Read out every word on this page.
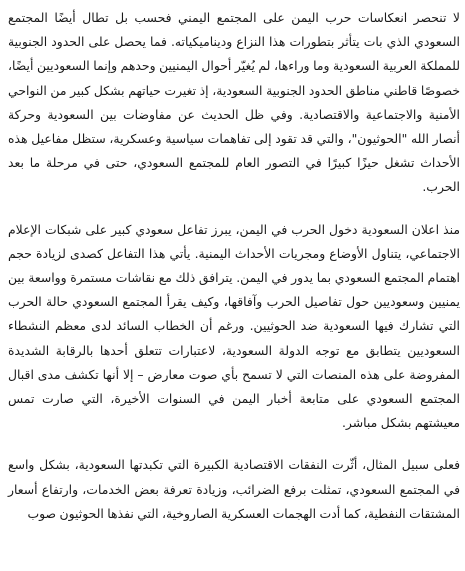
لا تنحصر انعكاسات حرب اليمن على المجتمع اليمني فحسب بل تطال أيضًا المجتمع السعودي الذي بات يتأثر بتطورات هذا النزاع وديناميكياته. فما يحصل على الحدود الجنوبية للمملكة العربية السعودية وما وراءها، لم يُغيّر أحوال اليمنيين وحدهم وإنما السعوديين أيضًا، خصوصًا قاطني مناطق الحدود الجنوبية السعودية، إذ تغيرت حياتهم بشكل كبير من النواحي الأمنية والاجتماعية والاقتصادية. وفي ظل الحديث عن مفاوضات بين السعودية وحركة أنصار الله "الحوثيون"، والتي قد تقود إلى تفاهمات سياسية وعسكرية، ستظل مفاعيل هذه الأحداث تشغل حيزًا كبيرًا في التصور العام للمجتمع السعودي، حتى في مرحلة ما بعد الحرب.

منذ اعلان السعودية دخول الحرب في اليمن، يبرز تفاعل سعودي كبير على شبكات الإعلام الاجتماعي، يتناول الأوضاع ومجريات الأحداث اليمنية. يأتي هذا التفاعل كصدى لزيادة حجم اهتمام المجتمع السعودي بما يدور في اليمن. يترافق ذلك مع نقاشات مستمرة وواسعة بين يمنيين وسعوديين حول تفاصيل الحرب وآفاقها، وكيف يقرأ المجتمع السعودي حالة الحرب التي تشارك فيها السعودية ضد الحوثيين. ورغم أن الخطاب السائد لدى معظم النشطاء السعوديين يتطابق مع توجه الدولة السعودية، لاعتبارات تتعلق أحدها بالرقابة الشديدة المفروضة على هذه المنصات التي لا تسمح بأي صوت معارض – إلا أنها تكشف مدى اقبال المجتمع السعودي على متابعة أخبار اليمن في السنوات الأخيرة، التي صارت تمس معيشتهم بشكل مباشر.

فعلى سبيل المثال، أثّرت النفقات الاقتصادية الكبيرة التي تكبدتها السعودية، بشكل واسع في المجتمع السعودي، تمثلت برفع الضرائب، وزيادة تعرفة بعض الخدمات، وارتفاع أسعار المشتقات النفطية، كما أدت الهجمات العسكرية الصاروخية، التي نفذها الحوثيون صوب
